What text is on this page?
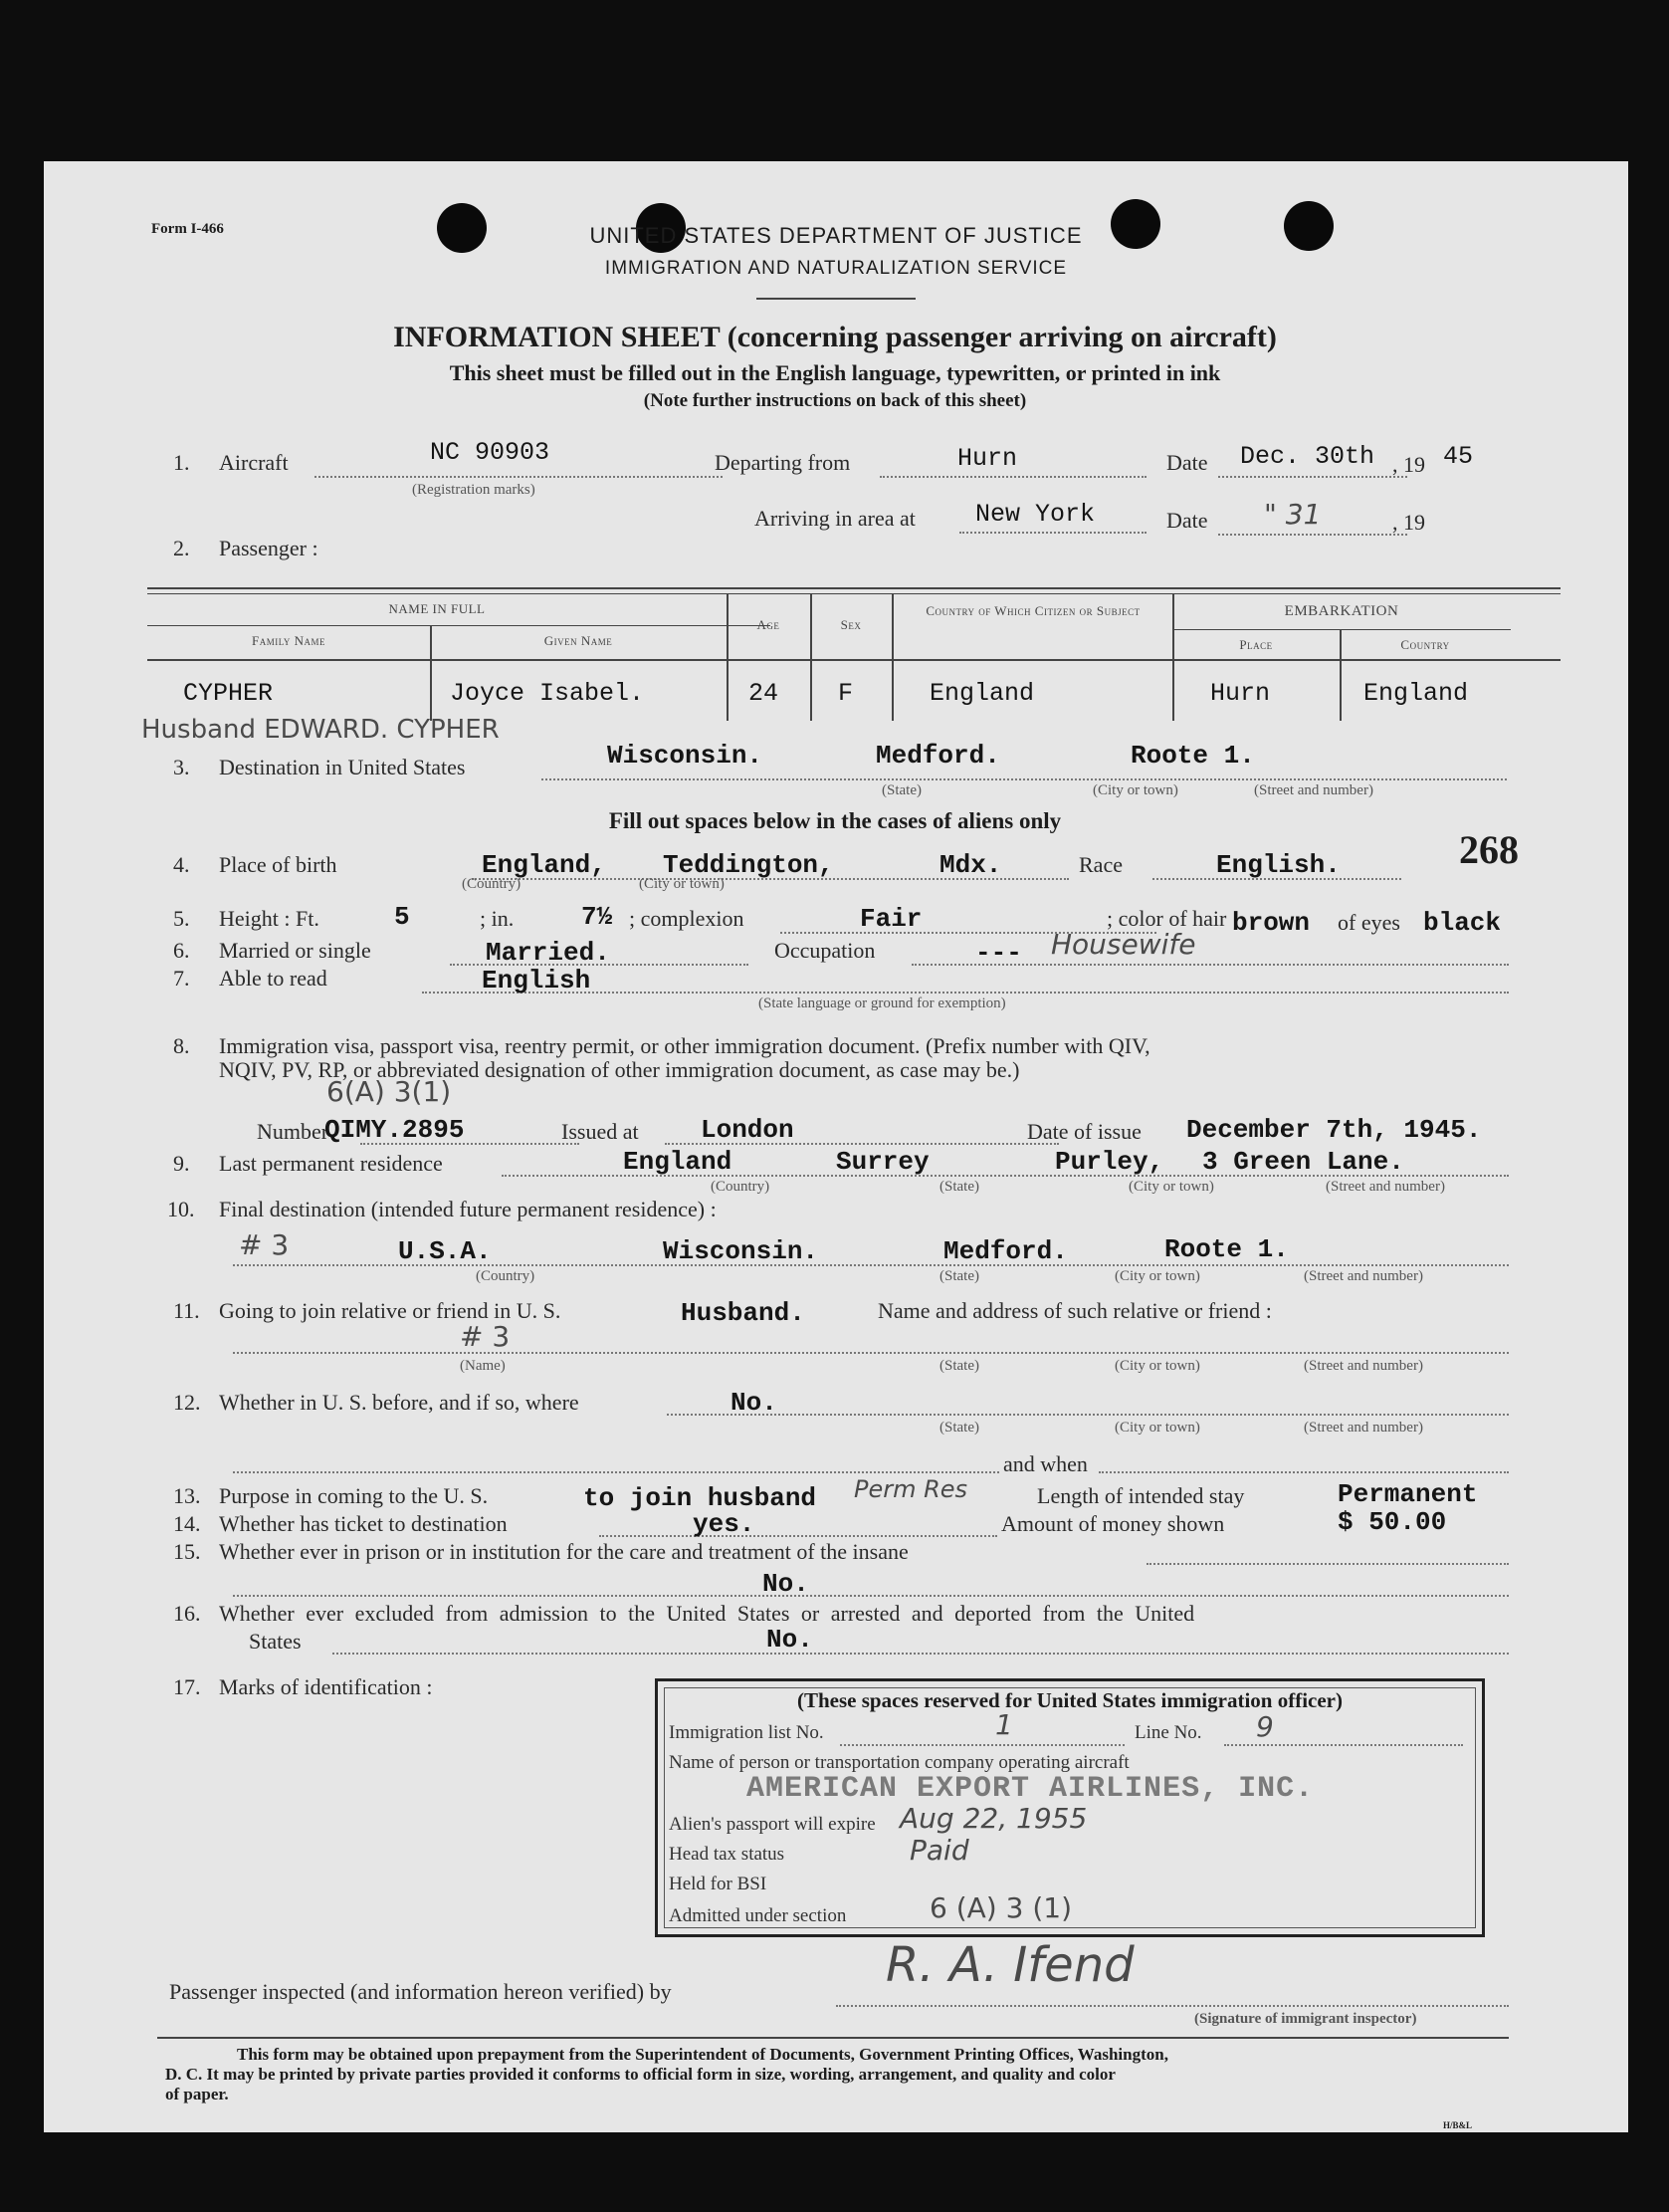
Form I-466	UNITED STATES DEPARTMENT OF JUSTICE
IMMIGRATION AND NATURALIZATION SERVICE
INFORMATION SHEET (concerning passenger arriving on aircraft)
This sheet must be filled out in the English language, typewritten, or printed in ink
(Note further instructions on back of this sheet)
1. Aircraft	NC 90903
(Registration marks)
Departing from	Hurn	Date Dec. 30th , 19 45
Arriving in area at New York	Date " 31	, 19
2. Passenger :
NAME IN FULL
Family Name	Given Name
Age	Sex
Country of Which Citizen or Subject	EMBARKATION
Place	Country
CYPHER	Joyce Isabel.	24 F	England	Hurn	England
Husband EDWARD. CYPHER
3. Destination in United States	Wisconsin.	Medford.	Roote 1.
(State)	(City or town)	(Street and number)
Fill out spaces below in the cases of aliens only
4. Place of birth	England, Teddington,	Mdx.
(Country)	(City or town)
Race	English.	268
5. Height : Ft.	5	; in.	7½ ; complexion	Fair	; color of hair brown of eyes black
6. Married or single	Married.	Occupation	--- Housewife
7. Able to read	English
(State language or ground for exemption)
8. Immigration visa, passport visa, reentry permit, or other immigration document. (Prefix number with QIV,
NQIV, PV, RP, or abbreviated designation of other immigration document, as case may be.)
6(A) 3(1)
Number
QIMY.2895	Issued at London	Date of issue December 7th, 1945.
9. Last permanent residence	England	Surrey	Purley, 3 Green Lane.
(Country)	(State)	(City or town)	(Street and number)
10. Final destination (intended future permanent residence) :
# 3	U.S.A.	Wisconsin.	Medford.	Roote 1.
(Country)	(State)	(City or town)	(Street and number)
11. Going to join relative or friend in U. S.	Husband.	Name and address of such relative or friend :
# 3
(Name)	(State)	(City or town)	(Street and number)
12. Whether in U. S. before, and if so, where	No.
(State)	(City or town)	(Street and number)
and when
13. Purpose in coming to the U. S.	to join husband Perm Res	Length of intended stay	Permanent
14. Whether has ticket to destination	yes.	Amount of money shown	$ 50.00
15. Whether ever in prison or in institution for the care and treatment of the insane
No.
16. Whether ever excluded from admission to the United States or arrested and deported from the United
States	No.
17. Marks of identification :
(These spaces reserved for United States immigration officer)
Immigration list No.	1	Line No. 9
Name of person or transportation company operating aircraft
AMERICAN EXPORT AIRLINES, INC.
Alien's passport will expire Aug 22, 1955
Head tax status	Paid
Held for BSI
Admitted under section	6 (A) 3 (1)
Passenger inspected (and information hereon verified) by	R. A. Ifend
(Signature of immigrant inspector)
This form may be obtained upon prepayment from the Superintendent of Documents, Government Printing Offices, Washington,
D. C. It may be printed by private parties provided it conforms to official form in size, wording, arrangement, and quality and color
of paper.
H/B&L
